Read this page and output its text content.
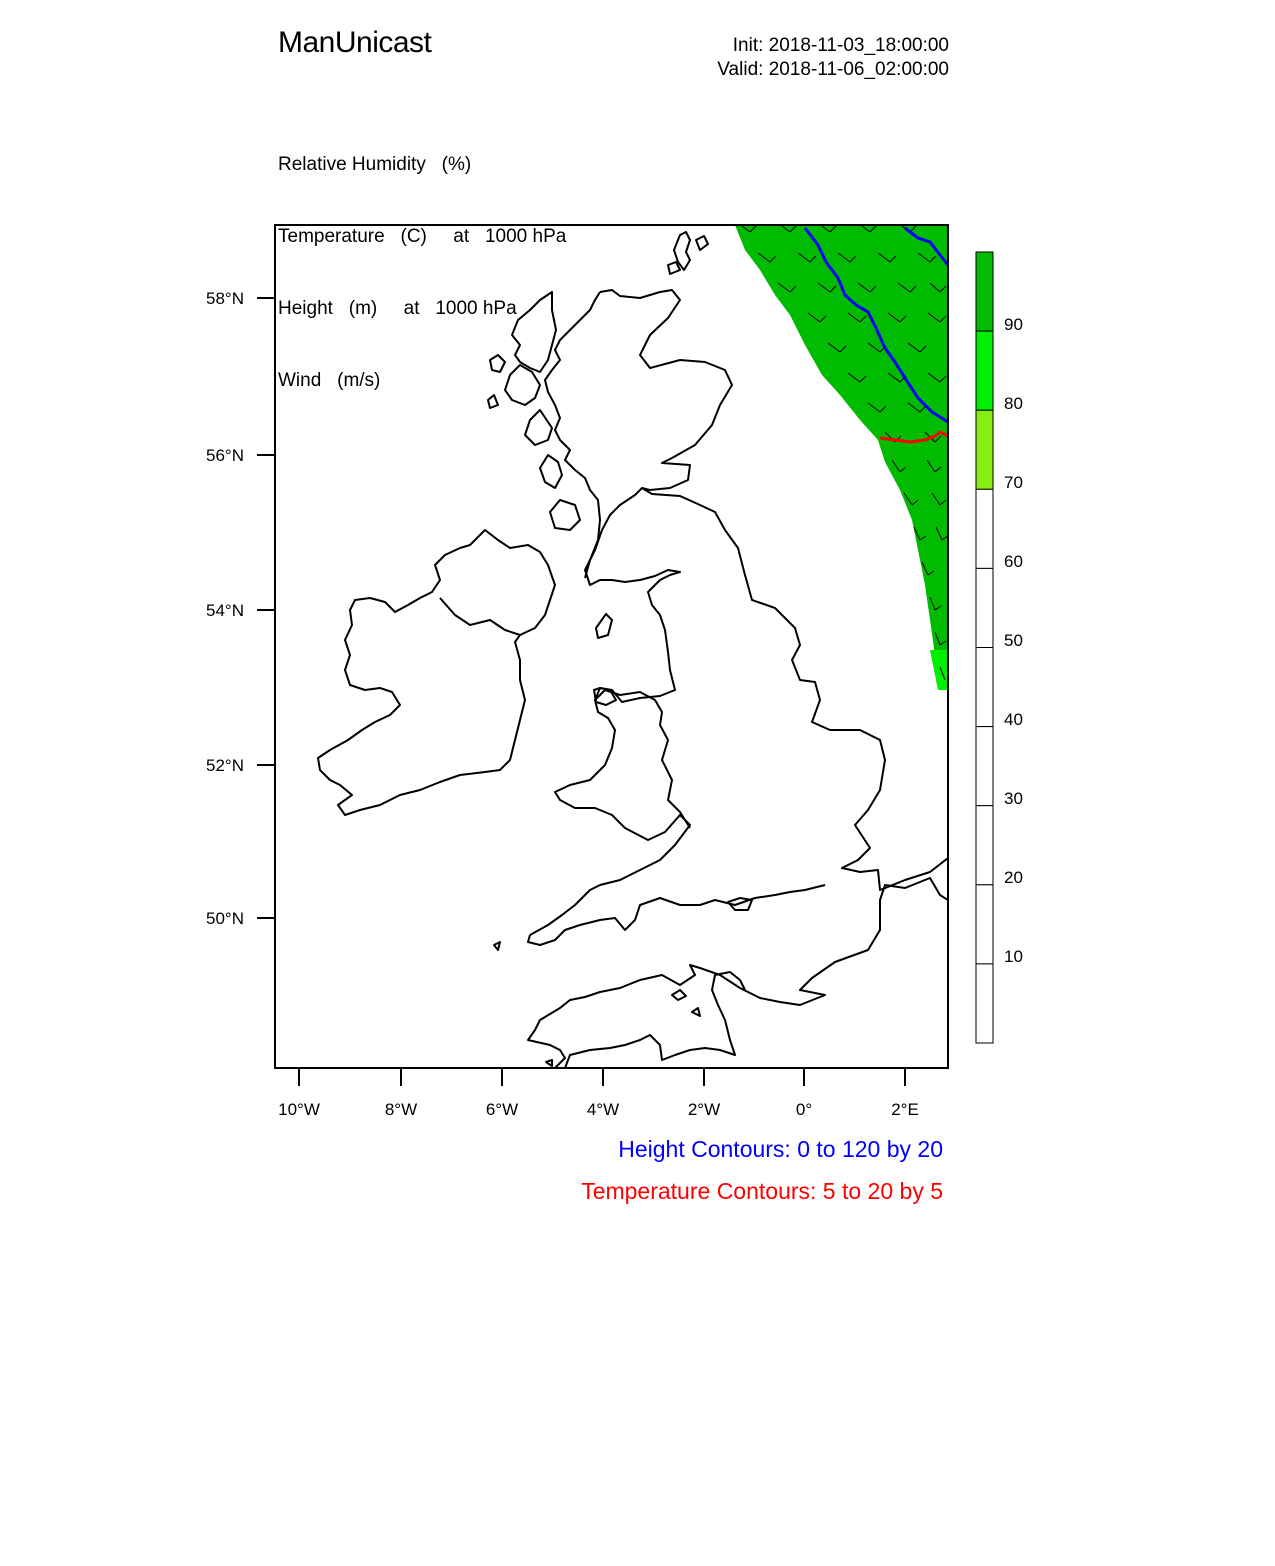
ManUnicast	Init: 2018-11-03_18:00:00
Valid: 2018-11-06_02:00:00

Relative Humidity   (%)

Temperature   (C)     at   1000 hPa

Height   (m)     at   1000 hPa

Wind   (m/s)

58°N
56°N
54°N
52°N
50°N
10°W	8°W	6°W	4°W	2°W	0°	2°E
90
80
70
60
50
40
30
20
10
Height Contours: 0 to 120 by 20
Temperature Contours: 5 to 20 by 5
